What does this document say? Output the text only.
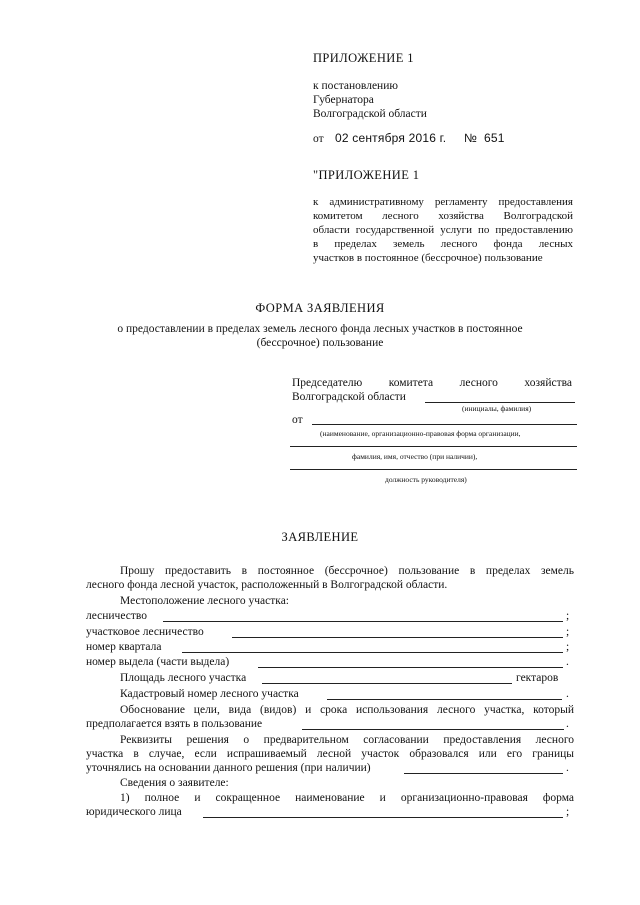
ПРИЛОЖЕНИЕ 1
к постановлению
Губернатора
Волгоградской области
от 02 сентября 2016 г. № 651
"ПРИЛОЖЕНИЕ 1
к административному регламенту предоставления
комитетом лесного хозяйства Волгоградской
области государственной услуги по предоставлению
в пределах земель лесного фонда лесных
участков в постоянное (бессрочное) пользование
ФОРМА ЗАЯВЛЕНИЯ
о предоставлении в пределах земель лесного фонда лесных участков в постоянное
(бессрочное) пользование
Председателю комитета лесного хозяйства
Волгоградской области
(инициалы, фамилия)
от
(наименование, организационно-правовая форма организации,
фамилия, имя, отчество (при наличии),
должность руководителя)
ЗАЯВЛЕНИЕ
Прошу предоставить в постоянное (бессрочное) пользование в пределах земель
лесного фонда лесной участок, расположенный в Волгоградской области.
Местоположение лесного участка:
лесничество	;
участковое лесничество	;
номер квартала	;
номер выдела (части выдела)	.
Площадь лесного участка	гектаров
Кадастровый номер лесного участка	.
Обоснование цели, вида (видов) и срока использования лесного участка, который
предполагается взять в пользование	.
Реквизиты решения о предварительном согласовании предоставления лесного
участка в случае, если испрашиваемый лесной участок образовался или его границы
уточнялись на основании данного решения (при наличии)	.
Сведения о заявителе:
1) полное и сокращенное наименование и организационно-правовая форма
юридического лица	;
